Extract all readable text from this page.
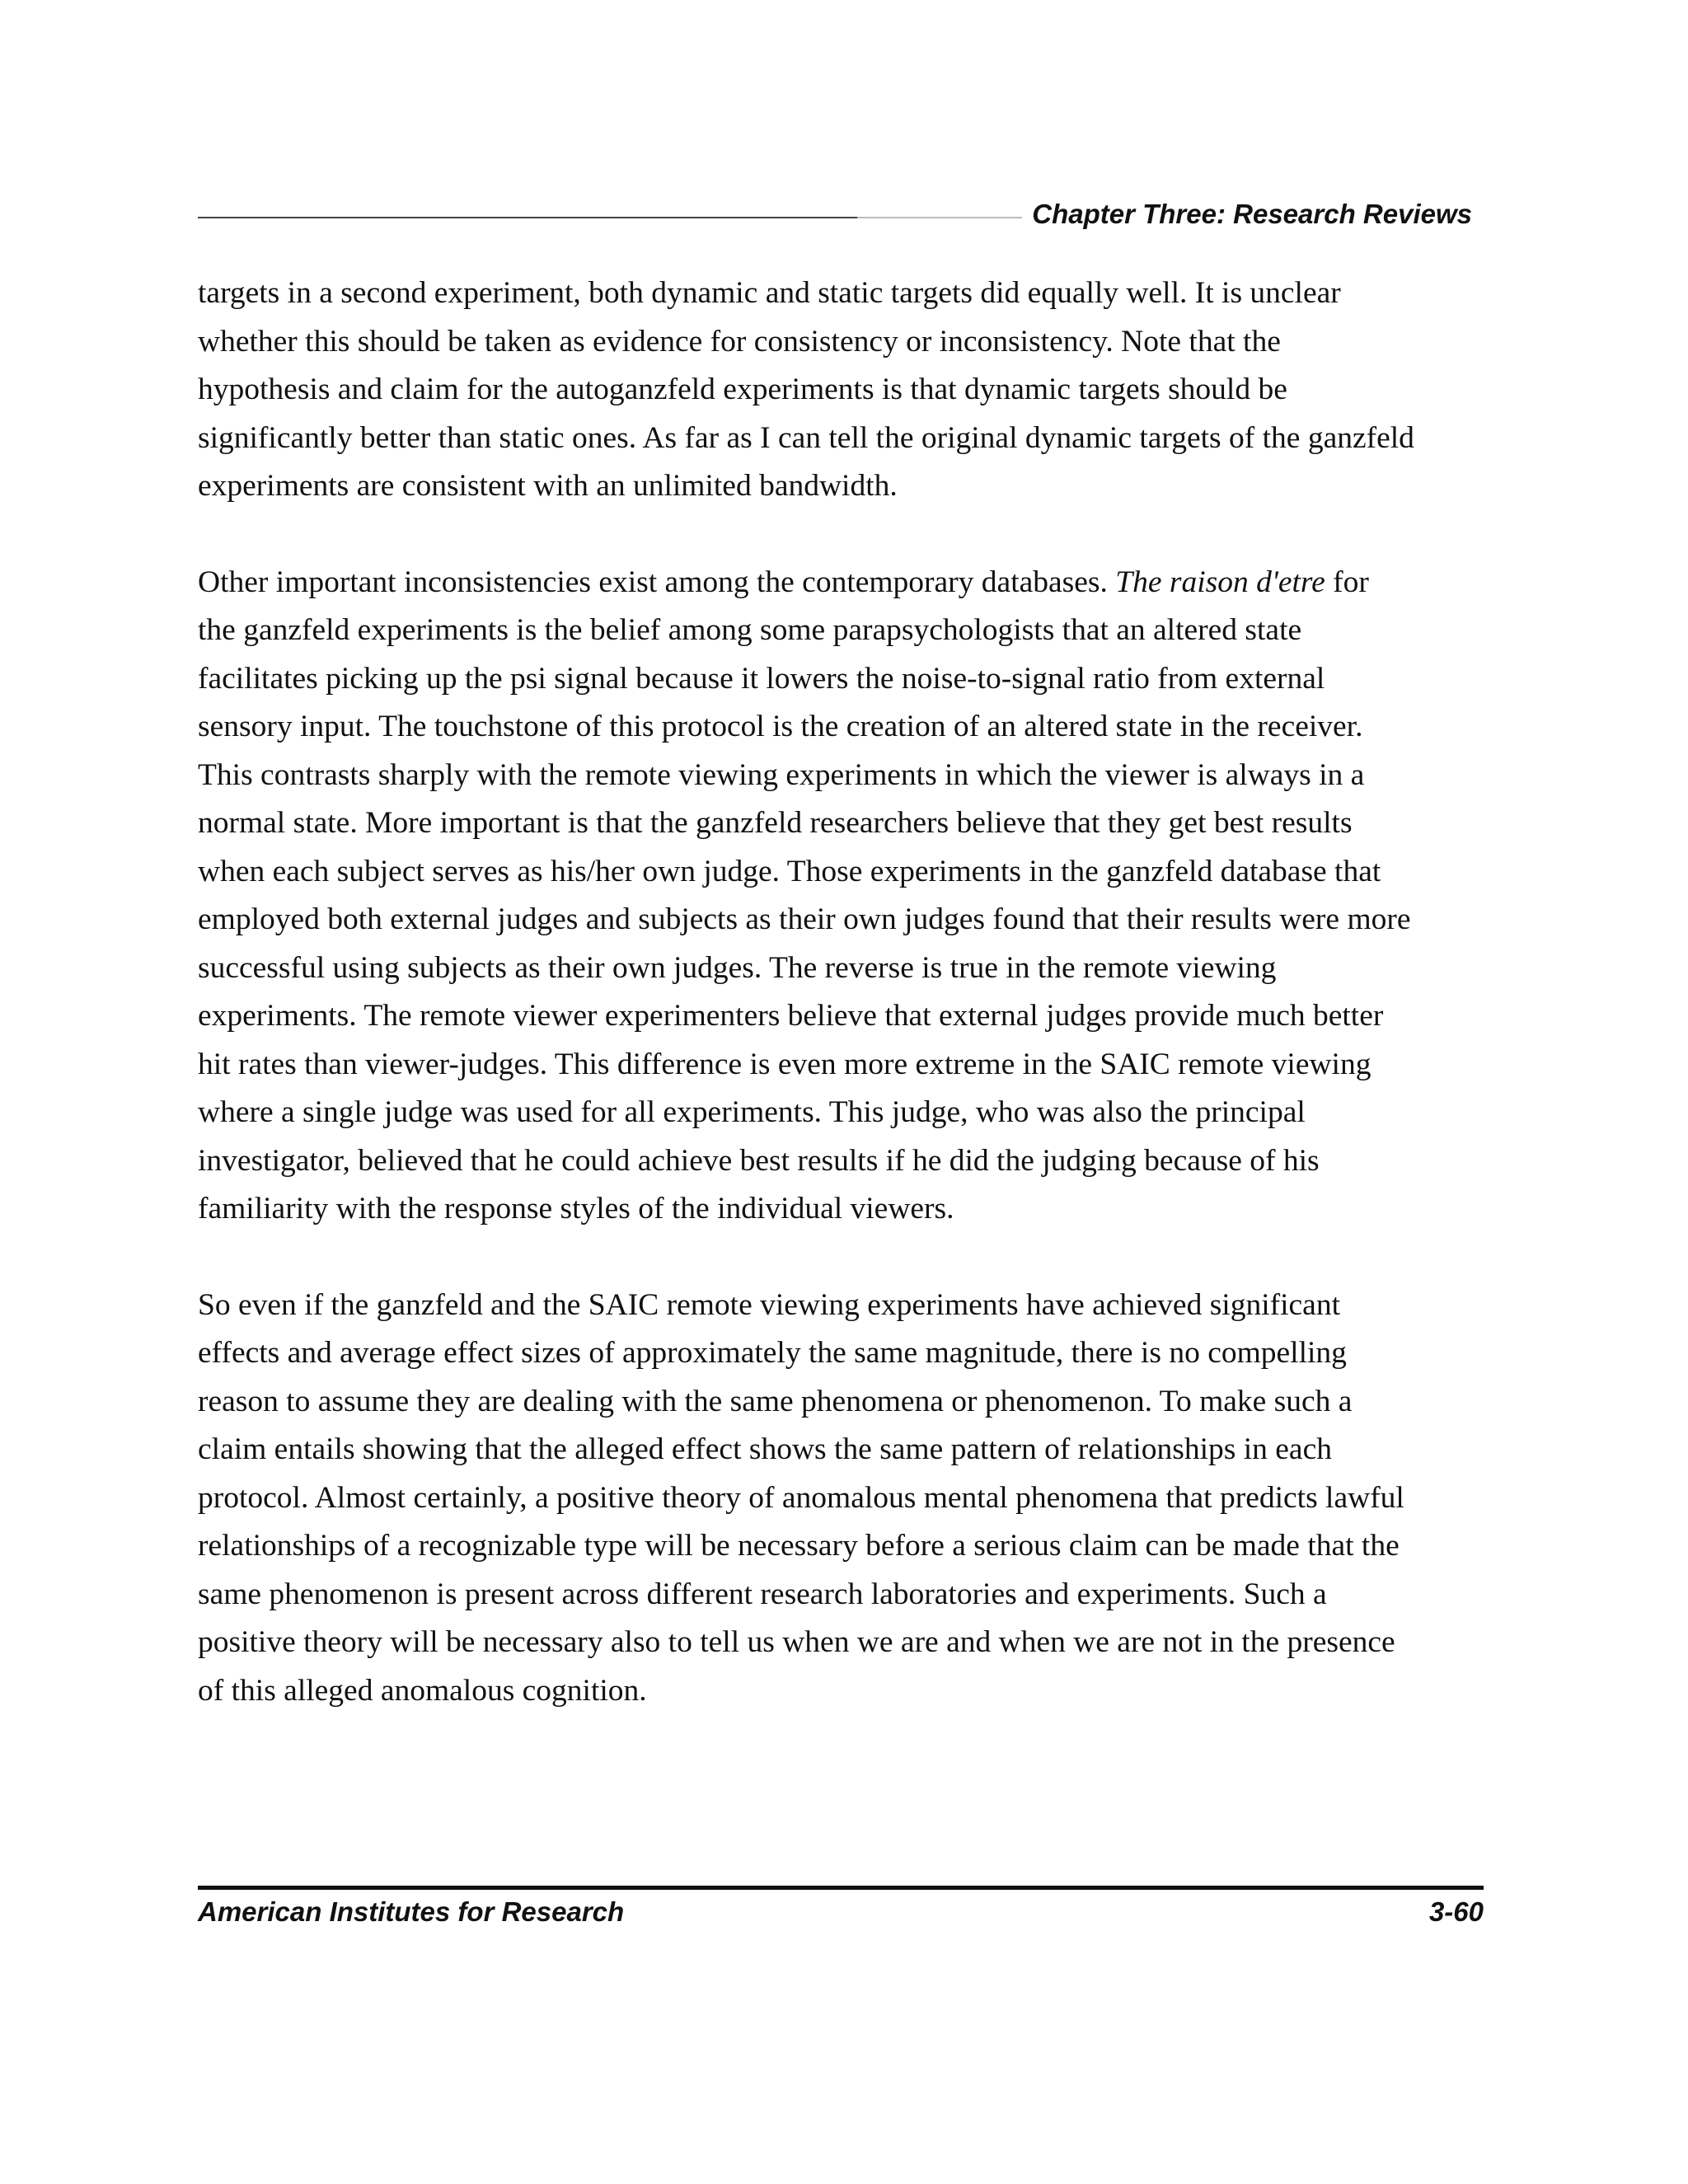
Chapter Three: Research Reviews

targets in a second experiment, both dynamic and static targets did equally well. It is unclear
whether this should be taken as evidence for consistency or inconsistency. Note that the
hypothesis and claim for the autoganzfeld experiments is that dynamic targets should be
significantly better than static ones. As far as I can tell the original dynamic targets of the ganzfeld
experiments are consistent with an unlimited bandwidth.

Other important inconsistencies exist among the contemporary databases. The raison d'etre for
the ganzfeld experiments is the belief among some parapsychologists that an altered state
facilitates picking up the psi signal because it lowers the noise-to-signal ratio from external
sensory input. The touchstone of this protocol is the creation of an altered state in the receiver.
This contrasts sharply with the remote viewing experiments in which the viewer is always in a
normal state. More important is that the ganzfeld researchers believe that they get best results
when each subject serves as his/her own judge. Those experiments in the ganzfeld database that
employed both external judges and subjects as their own judges found that their results were more
successful using subjects as their own judges. The reverse is true in the remote viewing
experiments. The remote viewer experimenters believe that external judges provide much better
hit rates than viewer-judges. This difference is even more extreme in the SAIC remote viewing
where a single judge was used for all experiments. This judge, who was also the principal
investigator, believed that he could achieve best results if he did the judging because of his
familiarity with the response styles of the individual viewers.

So even if the ganzfeld and the SAIC remote viewing experiments have achieved significant
effects and average effect sizes of approximately the same magnitude, there is no compelling
reason to assume they are dealing with the same phenomena or phenomenon. To make such a
claim entails showing that the alleged effect shows the same pattern of relationships in each
protocol. Almost certainly, a positive theory of anomalous mental phenomena that predicts lawful
relationships of a recognizable type will be necessary before a serious claim can be made that the
same phenomenon is present across different research laboratories and experiments. Such a
positive theory will be necessary also to tell us when we are and when we are not in the presence
of this alleged anomalous cognition.

American Institutes for Research	3-60
